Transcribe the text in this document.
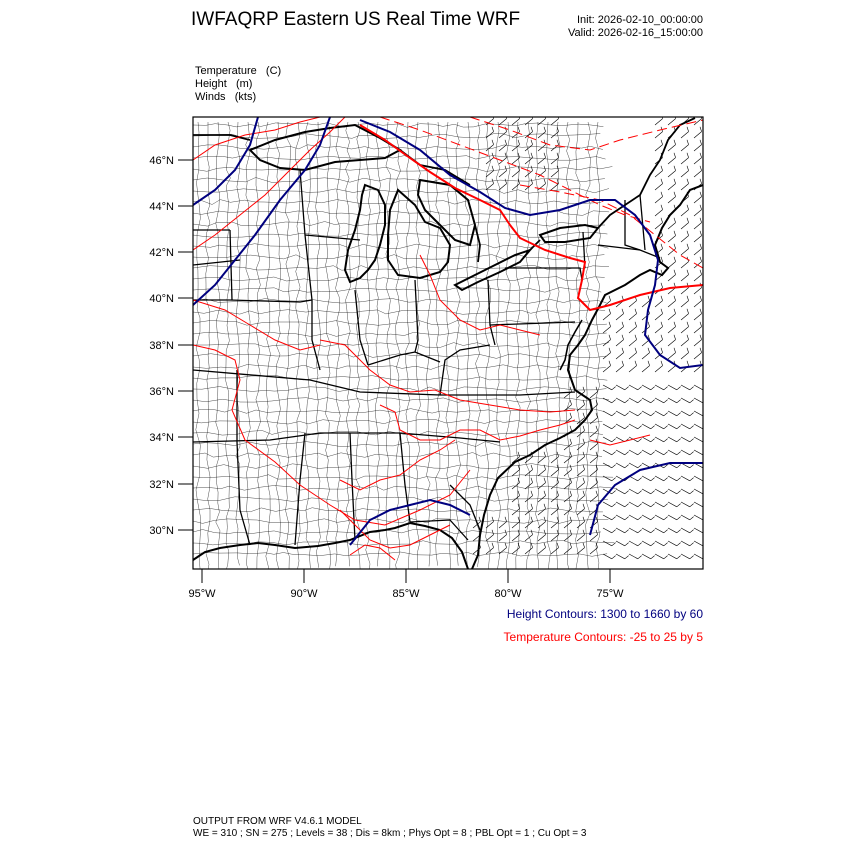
IWFAQRP Eastern US Real Time WRF	Init: 2026-02-10_00:00:00
Valid: 2026-02-16_15:00:00
Temperature   (C)
Height   (m)
Winds   (kts)
46°N
44°N
42°N
40°N
38°N
36°N
34°N
32°N
30°N
95°W	90°W	85°W	80°W	75°W
Height Contours: 1300 to 1660 by 60
Temperature Contours: -25 to 25 by 5
OUTPUT FROM WRF V4.6.1 MODEL
WE = 310 ; SN = 275 ; Levels = 38 ; Dis = 8km ; Phys Opt = 8 ; PBL Opt = 1 ; Cu Opt = 3
